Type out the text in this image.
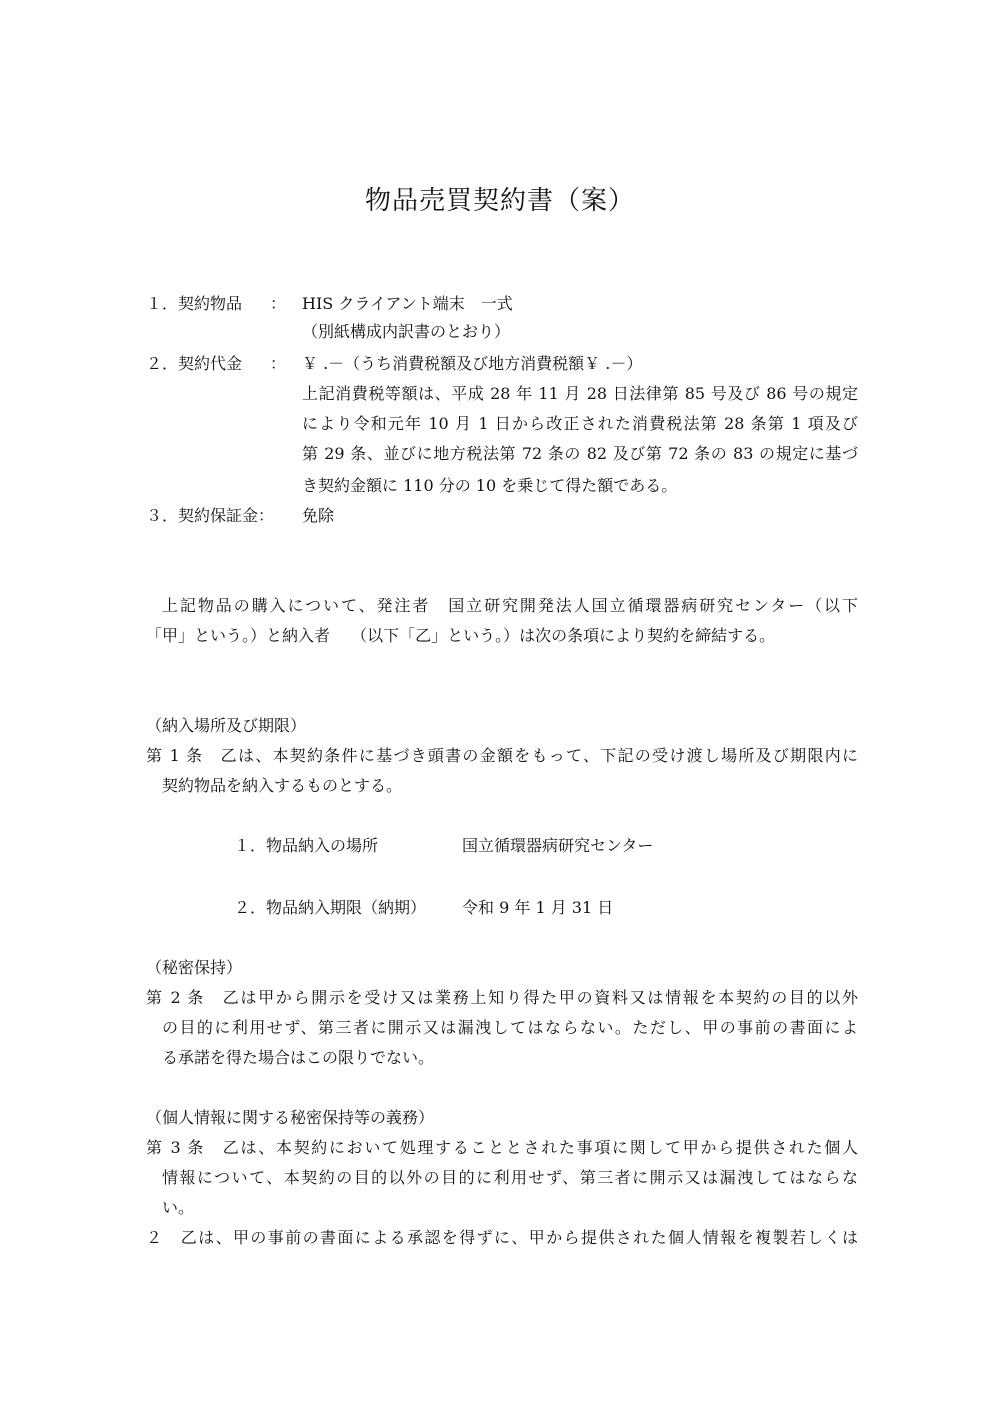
物品売買契約書（案）
１．契約物品 ： HIS クライアント端末　一式
（別紙構成内訳書のとおり）
２．契約代金 ： ￥ .－（うち消費税額及び地方消費税額￥ .－）
上記消費税等額は、平成 28 年 11 月 28 日法律第 85 号及び 86 号の規定
により令和元年 10 月 1 日から改正された消費税法第 28 条第 1 項及び
第 29 条、並びに地方税法第 72 条の 82 及び第 72 条の 83 の規定に基づ
き契約金額に 110 分の 10 を乗じて得た額である。
３．契約保証金： 免除
上記物品の購入について、発注者　国立研究開発法人国立循環器病研究センター（以下
「甲」という。）と納入者　 （以下「乙」という。）は次の条項により契約を締結する。
（納入場所及び期限）
第 1 条　乙は、本契約条件に基づき頭書の金額をもって、下記の受け渡し場所及び期限内に
契約物品を納入するものとする。
１．物品納入の場所	国立循環器病研究センター
２．物品納入期限（納期） 令和 9 年 1 月 31 日
（秘密保持）
第 2 条　乙は甲から開示を受け又は業務上知り得た甲の資料又は情報を本契約の目的以外
の目的に利用せず、第三者に開示又は漏洩してはならない。ただし、甲の事前の書面によ
る承諾を得た場合はこの限りでない。
（個人情報に関する秘密保持等の義務）
第 3 条　乙は、本契約において処理することとされた事項に関して甲から提供された個人
情報について、本契約の目的以外の目的に利用せず、第三者に開示又は漏洩してはならな
い。
２　乙は、甲の事前の書面による承認を得ずに、甲から提供された個人情報を複製若しくは
